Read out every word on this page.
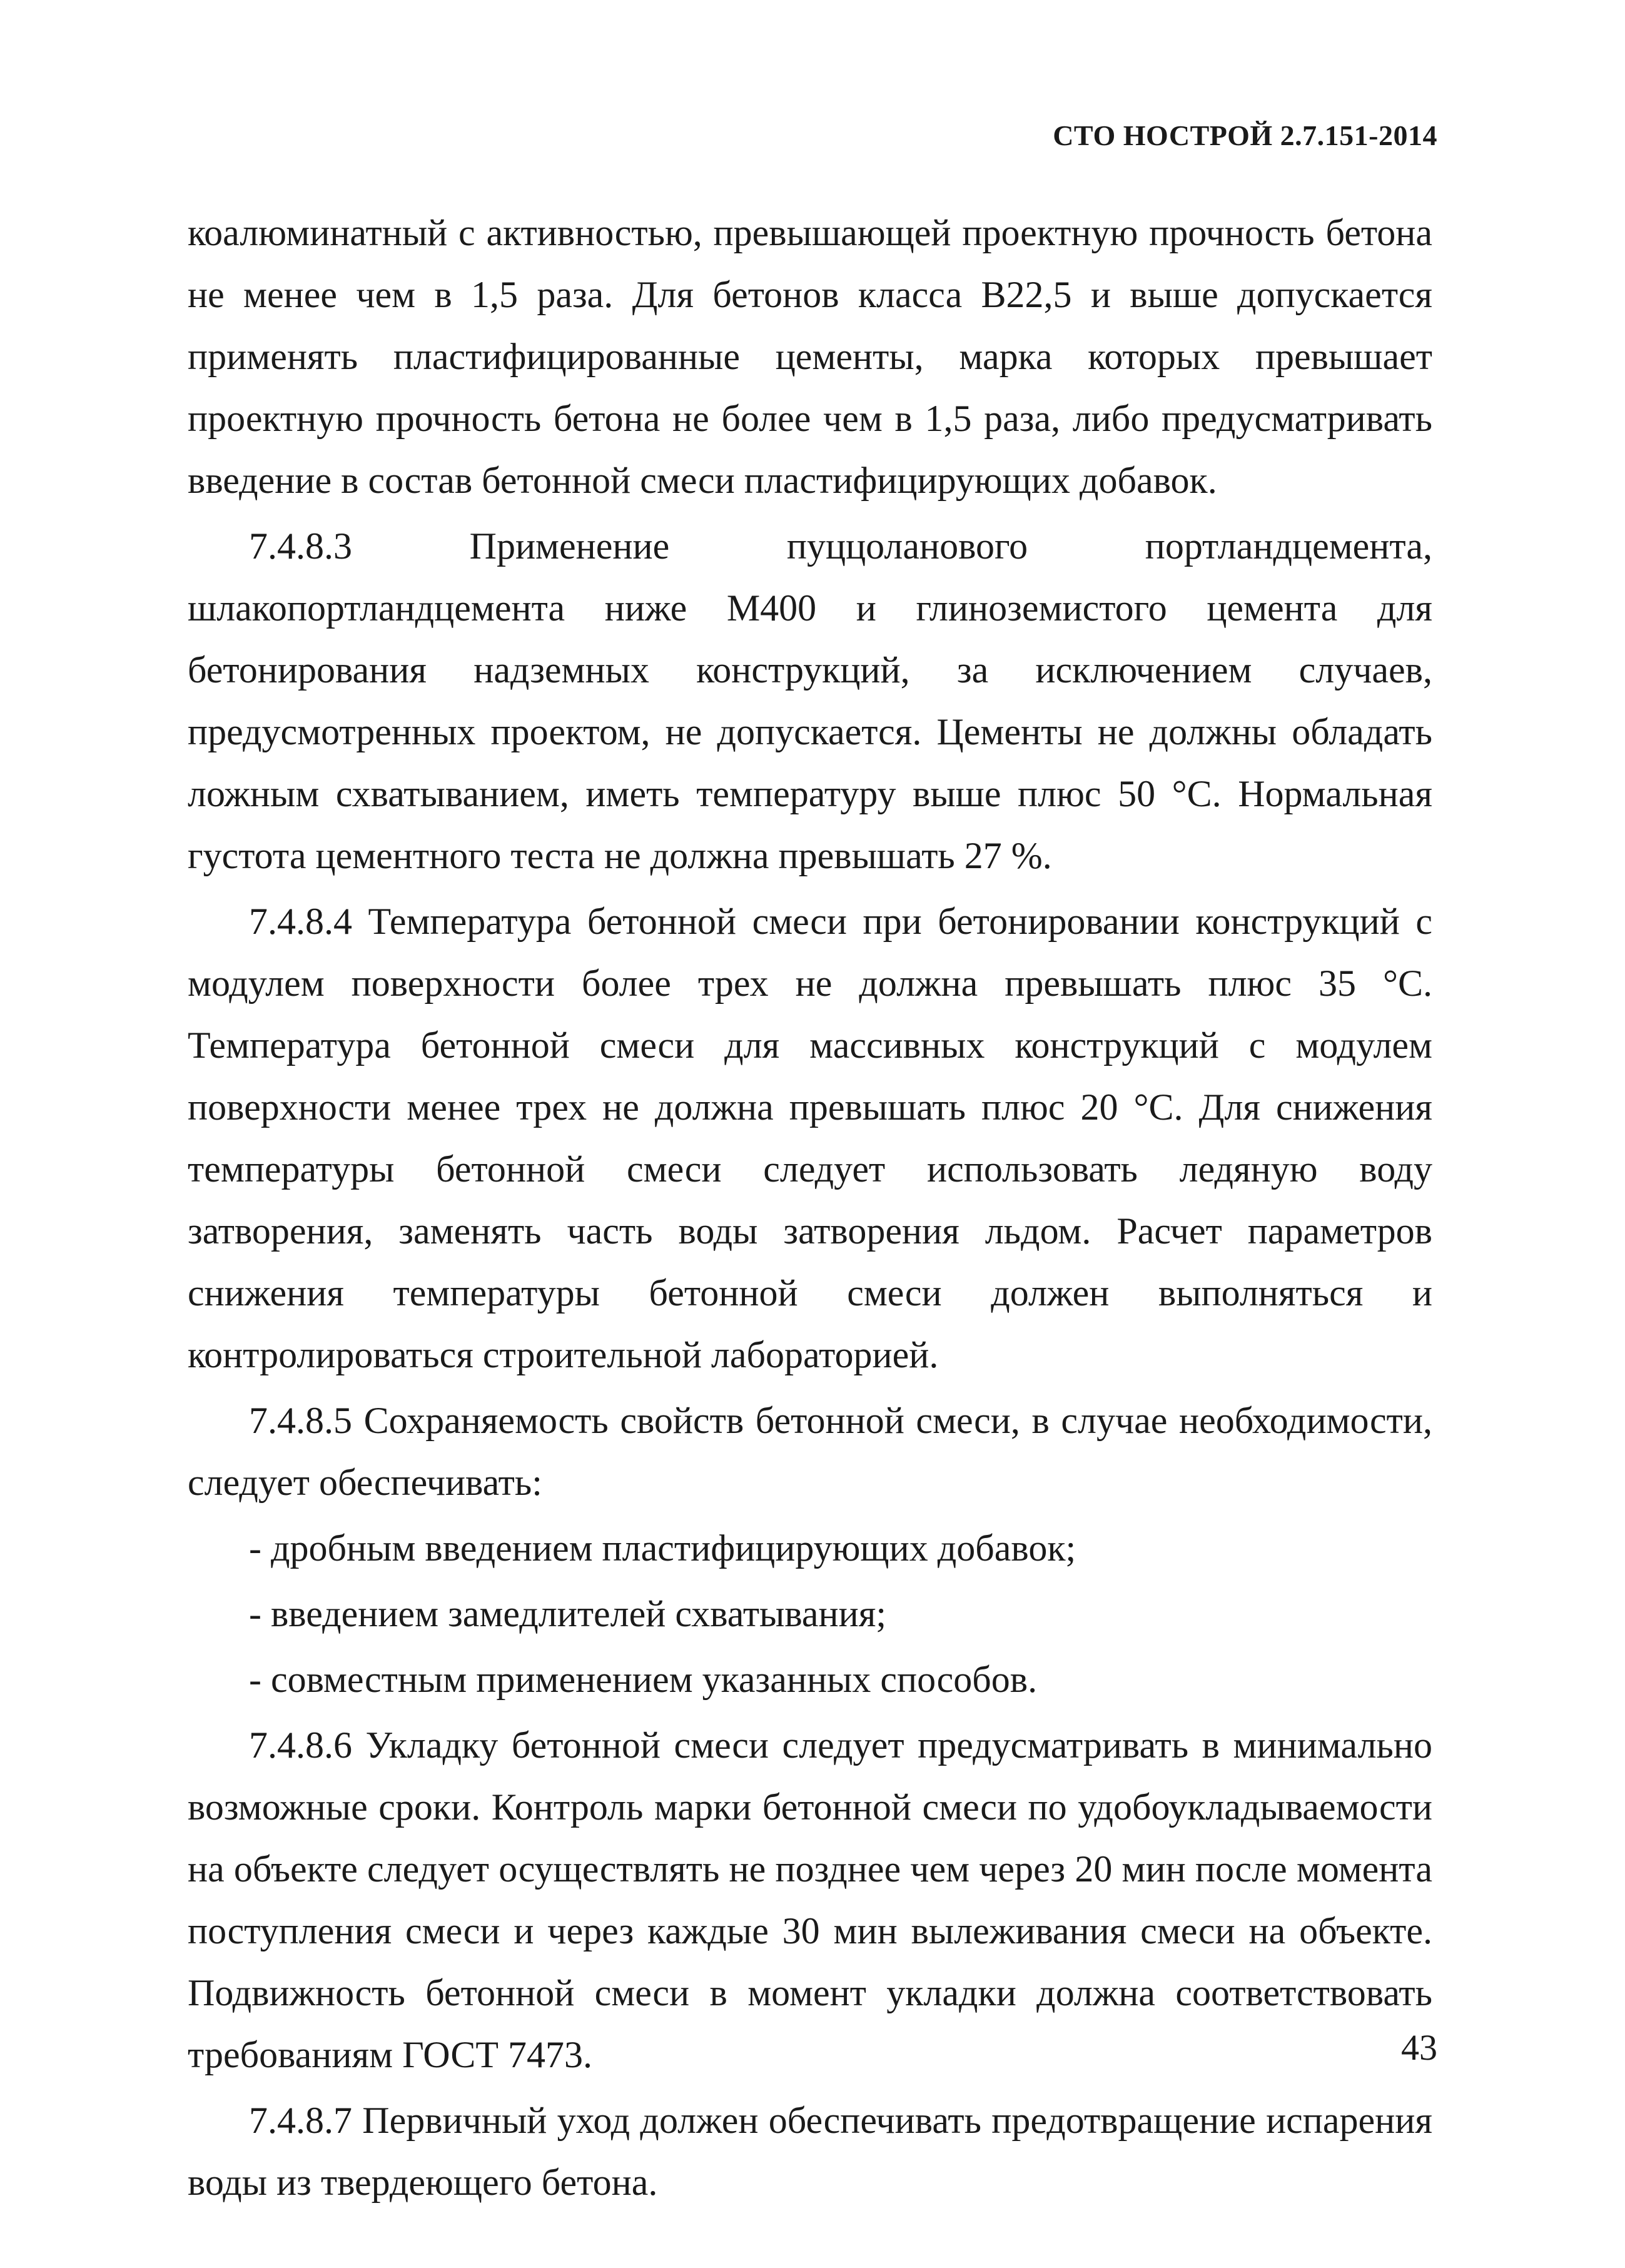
СТО НОСТРОЙ 2.7.151-2014

коалюминатный с активностью, превышающей проектную прочность бетона не менее чем в 1,5 раза. Для бетонов класса В22,5 и выше допускается применять пластифицированные цементы, марка которых превышает проектную прочность бетона не более чем в 1,5 раза, либо предусматривать введение в состав бетонной смеси пластифицирующих добавок.

7.4.8.3 Применение пуццоланового портландцемента, шлакопортландцемента ниже М400 и глиноземистого цемента для бетонирования надземных конструкций, за исключением случаев, предусмотренных проектом, не допускается. Цементы не должны обладать ложным схватыванием, иметь температуру выше плюс 50 °С. Нормальная густота цементного теста не должна превышать 27 %.

7.4.8.4 Температура бетонной смеси при бетонировании конструкций с модулем поверхности более трех не должна превышать плюс 35 °С. Температура бетонной смеси для массивных конструкций с модулем поверхности менее трех не должна превышать плюс 20 °С. Для снижения температуры бетонной смеси следует использовать ледяную воду затворения, заменять часть воды затворения льдом. Расчет параметров снижения температуры бетонной смеси должен выполняться и контролироваться строительной лабораторией.

7.4.8.5 Сохраняемость свойств бетонной смеси, в случае необходимости, следует обеспечивать:

- дробным введением пластифицирующих добавок;

- введением замедлителей схватывания;

- совместным применением указанных способов.

7.4.8.6 Укладку бетонной смеси следует предусматривать в минимально возможные сроки. Контроль марки бетонной смеси по удобоукладываемости на объекте следует осуществлять не позднее чем через 20 мин после момента поступления смеси и через каждые 30 мин вылеживания смеси на объекте. Подвижность бетонной смеси в момент укладки должна соответствовать требованиям ГОСТ 7473.

7.4.8.7 Первичный уход должен обеспечивать предотвращение испарения воды из твердеющего бетона.

43
